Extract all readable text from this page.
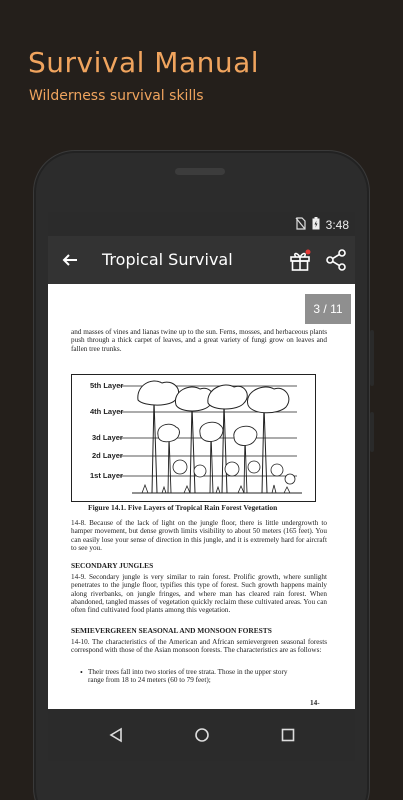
Survival Manual
Wilderness survival skills
3:48
Tropical Survival
3 / 11
and masses of vines and lianas twine up to the sun. Ferns, mosses, and herbaceous plants push through a thick carpet of leaves, and a great variety of fungi grow on leaves and fallen tree trunks.
5th Layer
4th Layer
3d Layer
2d Layer
1st Layer
Figure 14.1. Five Layers of Tropical Rain Forest Vegetation
14-8. Because of the lack of light on the jungle floor, there is little undergrowth to hamper movement, but dense growth limits visibility to about 50 meters (165 feet). You can easily lose your sense of direction in this jungle, and it is extremely hard for aircraft to see you.
SECONDARY JUNGLES
14-9. Secondary jungle is very similar to rain forest. Prolific growth, where sunlight penetrates to the jungle floor, typifies this type of forest. Such growth happens mainly along riverbanks, on jungle fringes, and where man has cleared rain forest. When abandoned, tangled masses of vegetation quickly reclaim these cultivated areas. You can often find cultivated food plants among this vegetation.
SEMIEVERGREEN SEASONAL AND MONSOON FORESTS
14-10. The characteristics of the American and African semievergreen seasonal forests correspond with those of the Asian monsoon forests. The characteristics are as follows:
• Their trees fall into two stories of tree strata. Those in the upper story range from 18 to 24 meters (60 to 79 feet);
14-
